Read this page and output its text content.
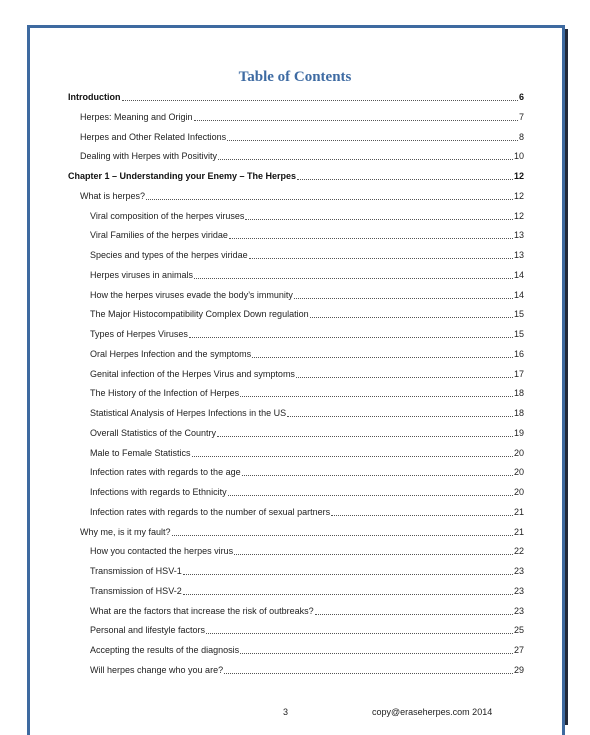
Table of Contents
Introduction	6
Herpes: Meaning and Origin	7
Herpes and Other Related Infections	8
Dealing with Herpes with Positivity	10
Chapter 1 – Understanding your Enemy – The Herpes	12
What is herpes?	12
Viral composition of the herpes viruses	12
Viral Families of the herpes viridae	13
Species and types of the herpes viridae	13
Herpes viruses in animals	14
How the herpes viruses evade the body’s immunity	14
The Major Histocompatibility Complex Down regulation	15
Types of Herpes Viruses	15
Oral Herpes Infection and the symptoms	16
Genital infection of the Herpes Virus and symptoms	17
The History of the Infection of Herpes	18
Statistical Analysis of Herpes Infections in the US	18
Overall Statistics of the Country	19
Male to Female Statistics	20
Infection rates with regards to the age	20
Infections with regards to Ethnicity	20
Infection rates with regards to the number of sexual partners	21
Why me, is it my fault?	21
How you contacted the herpes virus	22
Transmission of HSV-1	23
Transmission of HSV-2	23
What are the factors that increase the risk of outbreaks?	23
Personal and lifestyle factors	25
Accepting the results of the diagnosis	27
Will herpes change who you are?	29
3	copy@eraseherpes.com 2014
